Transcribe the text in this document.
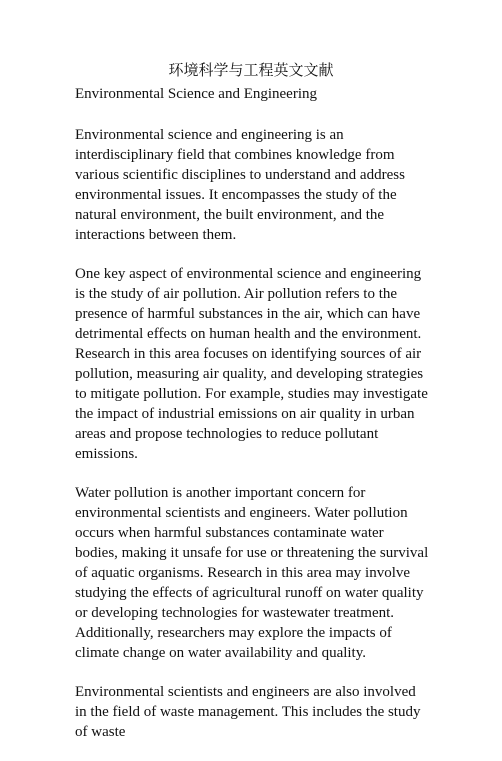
环境科学与工程英文文献
Environmental Science and Engineering
Environmental science and engineering is an interdisciplinary field that combines knowledge from various scientific disciplines to understand and address environmental issues. It encompasses the study of the natural environment, the built environment, and the interactions between them.
One key aspect of environmental science and engineering is the study of air pollution. Air pollution refers to the presence of harmful substances in the air, which can have detrimental effects on human health and the environment. Research in this area focuses on identifying sources of air pollution, measuring air quality, and developing strategies to mitigate pollution. For example, studies may investigate the impact of industrial emissions on air quality in urban areas and propose technologies to reduce pollutant emissions.
Water pollution is another important concern for environmental scientists and engineers. Water pollution occurs when harmful substances contaminate water bodies, making it unsafe for use or threatening the survival of aquatic organisms. Research in this area may involve studying the effects of agricultural runoff on water quality or developing technologies for wastewater treatment. Additionally, researchers may explore the impacts of climate change on water availability and quality.
Environmental scientists and engineers are also involved in the field of waste management. This includes the study of waste
